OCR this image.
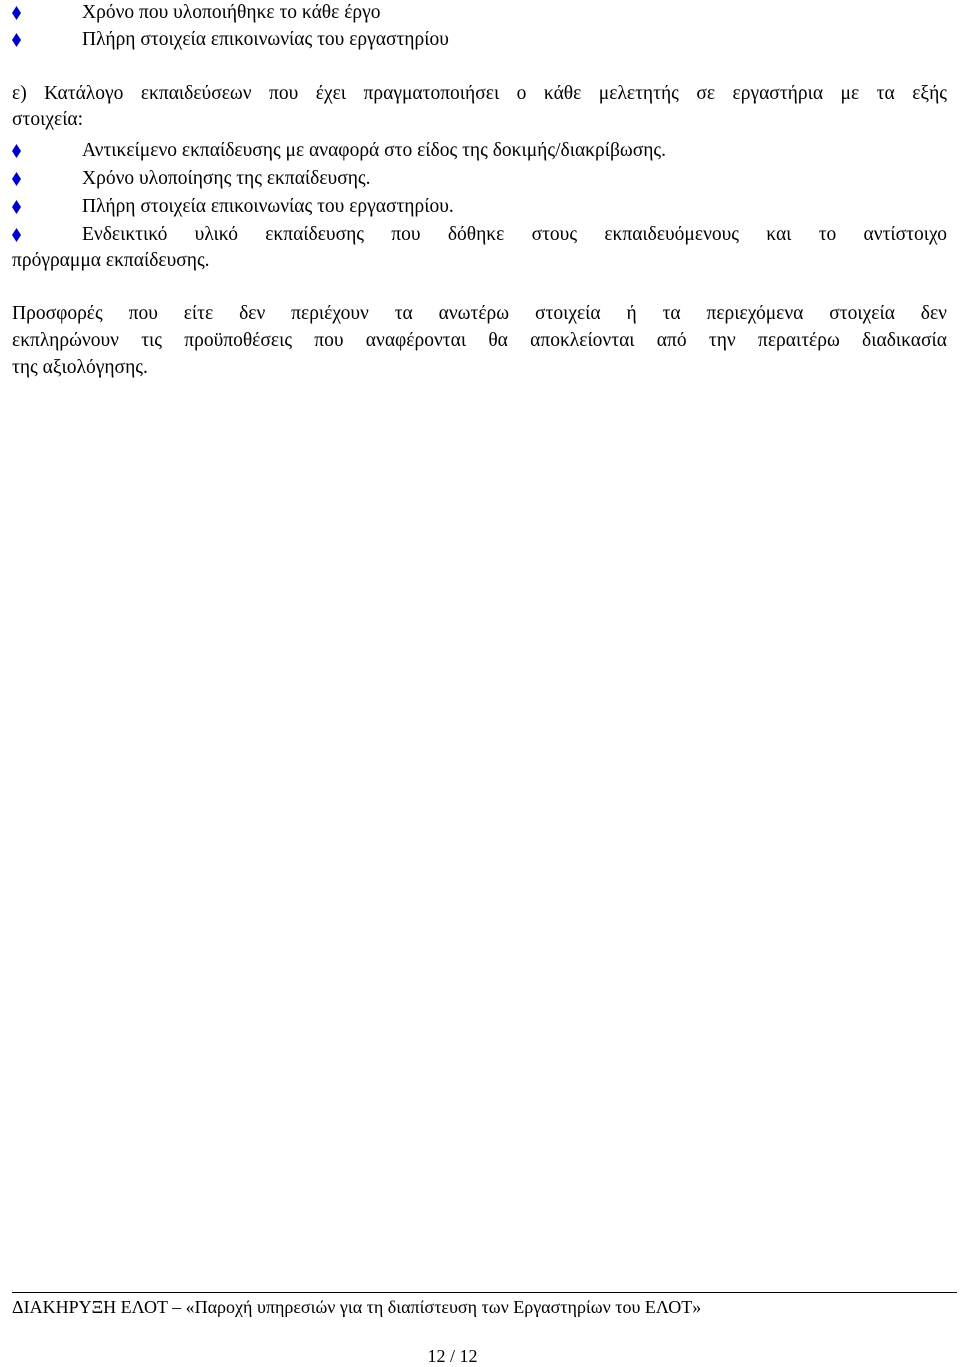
Χρόνο που υλοποιήθηκε το κάθε έργο
Πλήρη στοιχεία επικοινωνίας του εργαστηρίου
ε) Κατάλογο εκπαιδεύσεων που έχει πραγματοποιήσει ο κάθε μελετητής σε εργαστήρια με τα εξής
στοιχεία:
Αντικείμενο εκπαίδευσης με αναφορά στο είδος της δοκιμής/διακρίβωσης.
Χρόνο υλοποίησης της εκπαίδευσης.
Πλήρη στοιχεία επικοινωνίας του εργαστηρίου.
Ενδεικτικό υλικό εκπαίδευσης που δόθηκε στους εκπαιδευόμενους και το αντίστοιχο
πρόγραμμα εκπαίδευσης.
Προσφορές που είτε δεν περιέχουν τα ανωτέρω στοιχεία ή τα περιεχόμενα στοιχεία δεν
εκπληρώνουν τις προϋποθέσεις που αναφέρονται θα αποκλείονται από την περαιτέρω διαδικασία
της αξιολόγησης.
ΔΙΑΚΗΡΥΞΗ ΕΛΟΤ – «Παροχή υπηρεσιών για τη διαπίστευση των Εργαστηρίων του ΕΛΟΤ»
12 / 12
